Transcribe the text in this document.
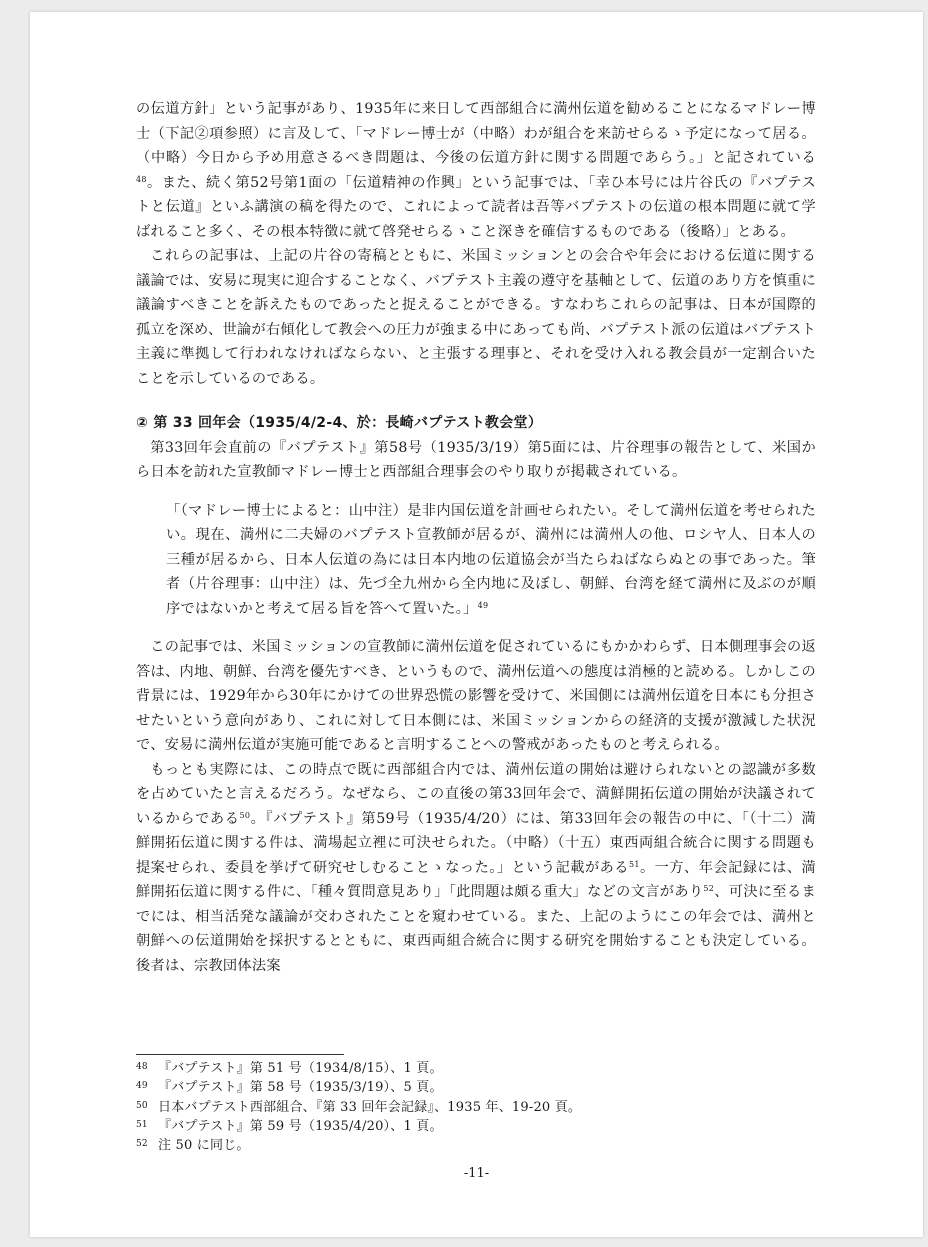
の伝道方針」という記事があり、1935年に来日して西部組合に満州伝道を勧めることになるマドレー博士（下記②項参照）に言及して、「マドレー博士が（中略）わが組合を来訪せらるゝ予定になって居る。（中略）今日から予め用意さるべき問題は、今後の伝道方針に関する問題であらう。」と記されている$^{48}$。また、続く第52号第1面の「伝道精神の作興」という記事では、「幸ひ本号には片谷氏の『バプテストと伝道』といふ講演の稿を得たので、これによって読者は吾等バプテストの伝道の根本問題に就て学ばれること多く、その根本特徴に就て啓発せらるゝこと深きを確信するものである（後略）」とある。

これらの記事は、上記の片谷の寄稿とともに、米国ミッションとの会合や年会における伝道に関する議論では、安易に現実に迎合することなく、バプテスト主義の遵守を基軸として、伝道のあり方を慎重に議論すべきことを訴えたものであったと捉えることができる。すなわちこれらの記事は、日本が国際的孤立を深め、世論が右傾化して教会への圧力が強まる中にあっても尚、バプテスト派の伝道はバプテスト主義に準拠して行われなければならない、と主張する理事と、それを受け入れる教会員が一定割合いたことを示しているのである。

② 第 33 回年会（1935/4/2-4、於：長崎バプテスト教会堂）

第33回年会直前の『バプテスト』第58号（1935/3/19）第5面には、片谷理事の報告として、米国から日本を訪れた宣教師マドレー博士と西部組合理事会のやり取りが掲載されている。

「（マドレー博士によると：山中注）是非内国伝道を計画せられたい。そして満州伝道を考せられたい。現在、満州に二夫婦のバプテスト宣教師が居るが、満州には満州人の他、ロシヤ人、日本人の三種が居るから、日本人伝道の為には日本内地の伝道協会が当たらねばならぬとの事であった。筆者（片谷理事：山中注）は、先づ全九州から全内地に及ぼし、朝鮮、台湾を経て満州に及ぶのが順序ではないかと考えて居る旨を答へて置いた。」$^{49}$

この記事では、米国ミッションの宣教師に満州伝道を促されているにもかかわらず、日本側理事会の返答は、内地、朝鮮、台湾を優先すべき、というもので、満州伝道への態度は消極的と読める。しかしこの背景には、1929年から30年にかけての世界恐慌の影響を受けて、米国側には満州伝道を日本にも分担させたいという意向があり、これに対して日本側には、米国ミッションからの経済的支援が激減した状況で、安易に満州伝道が実施可能であると言明することへの警戒があったものと考えられる。

もっとも実際には、この時点で既に西部組合内では、満州伝道の開始は避けられないとの認識が多数を占めていたと言えるだろう。なぜなら、この直後の第33回年会で、満鮮開拓伝道の開始が決議されているからである$^{50}$。『バプテスト』第59号（1935/4/20）には、第33回年会の報告の中に、「（十二）満鮮開拓伝道に関する件は、満場起立裡に可決せられた。（中略）（十五）東西両組合統合に関する問題も提案せられ、委員を挙げて研究せしむることゝなった。」という記載がある$^{51}$。一方、年会記録には、満鮮開拓伝道に関する件に、「種々質問意見あり」「此問題は頗る重大」などの文言があり$^{52}$、可決に至るまでには、相当活発な議論が交わされたことを窺わせている。また、上記のようにこの年会では、満州と朝鮮への伝道開始を採択するとともに、東西両組合統合に関する研究を開始することも決定している。後者は、宗教団体法案

48 『バプテスト』第 51 号（1934/8/15）、1 頁。
49 『バプテスト』第 58 号（1935/3/19）、5 頁。
50 日本バプテスト西部組合、『第 33 回年会記録』、1935 年、19-20 頁。
51 『バプテスト』第 59 号（1935/4/20）、1 頁。
52 注 50 に同じ。
-11-
